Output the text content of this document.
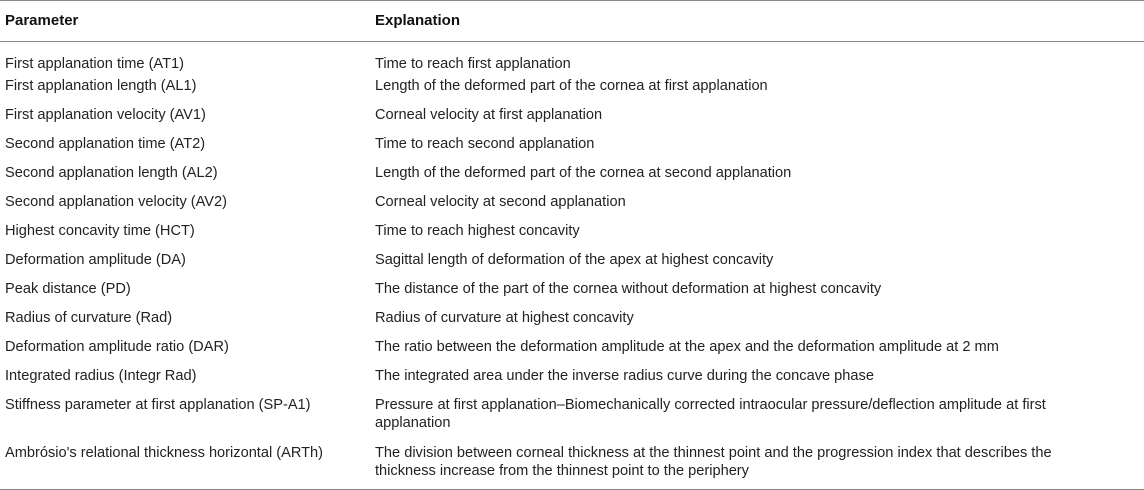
Parameter	Explanation
First applanation time (AT1)	Time to reach first applanation
First applanation length (AL1)	Length of the deformed part of the cornea at first applanation
First applanation velocity (AV1)	Corneal velocity at first applanation
Second applanation time (AT2)	Time to reach second applanation
Second applanation length (AL2)	Length of the deformed part of the cornea at second applanation
Second applanation velocity (AV2)	Corneal velocity at second applanation
Highest concavity time (HCT)	Time to reach highest concavity
Deformation amplitude (DA)	Sagittal length of deformation of the apex at highest concavity
Peak distance (PD)	The distance of the part of the cornea without deformation at highest concavity
Radius of curvature (Rad)	Radius of curvature at highest concavity
Deformation amplitude ratio (DAR)	The ratio between the deformation amplitude at the apex and the deformation amplitude at 2 mm
Integrated radius (Integr Rad)	The integrated area under the inverse radius curve during the concave phase
Stiffness parameter at first applanation (SP-A1)	Pressure at first applanation–Biomechanically corrected intraocular pressure/deflection amplitude at first applanation
Ambrósio's relational thickness horizontal (ARTh)	The division between corneal thickness at the thinnest point and the progression index that describes the thickness increase from the thinnest point to the periphery
